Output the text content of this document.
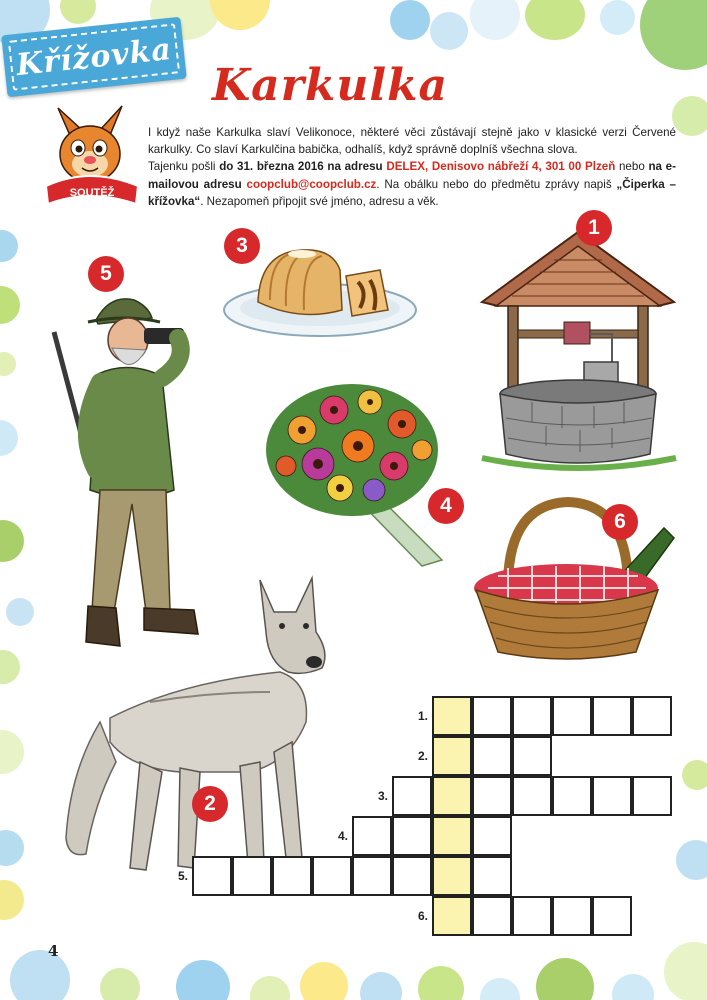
Křížovka
Karkulka
SOUTĚŽ

I když naše Karkulka slaví Velikonoce, některé věci zůstávají stejně jako v klasické verzi Červené karkulky. Co slaví Karkulčina babička, odhalíš, když správně doplníš všechna slova.

Tajenku pošli do 31. března 2016 na adresu DELEX, Denisovo nábřeží 4, 301 00 Plzeň nebo na e-mailovou adresu coopclub@coopclub.cz. Na obálku nebo do předmětu zprávy napiš „Čiperka – křížovka“. Nezapomeň připojit své jméno, adresu a věk.

3
1
5
4
6
2
1.
2.
3.
4.
5.
6.
4
